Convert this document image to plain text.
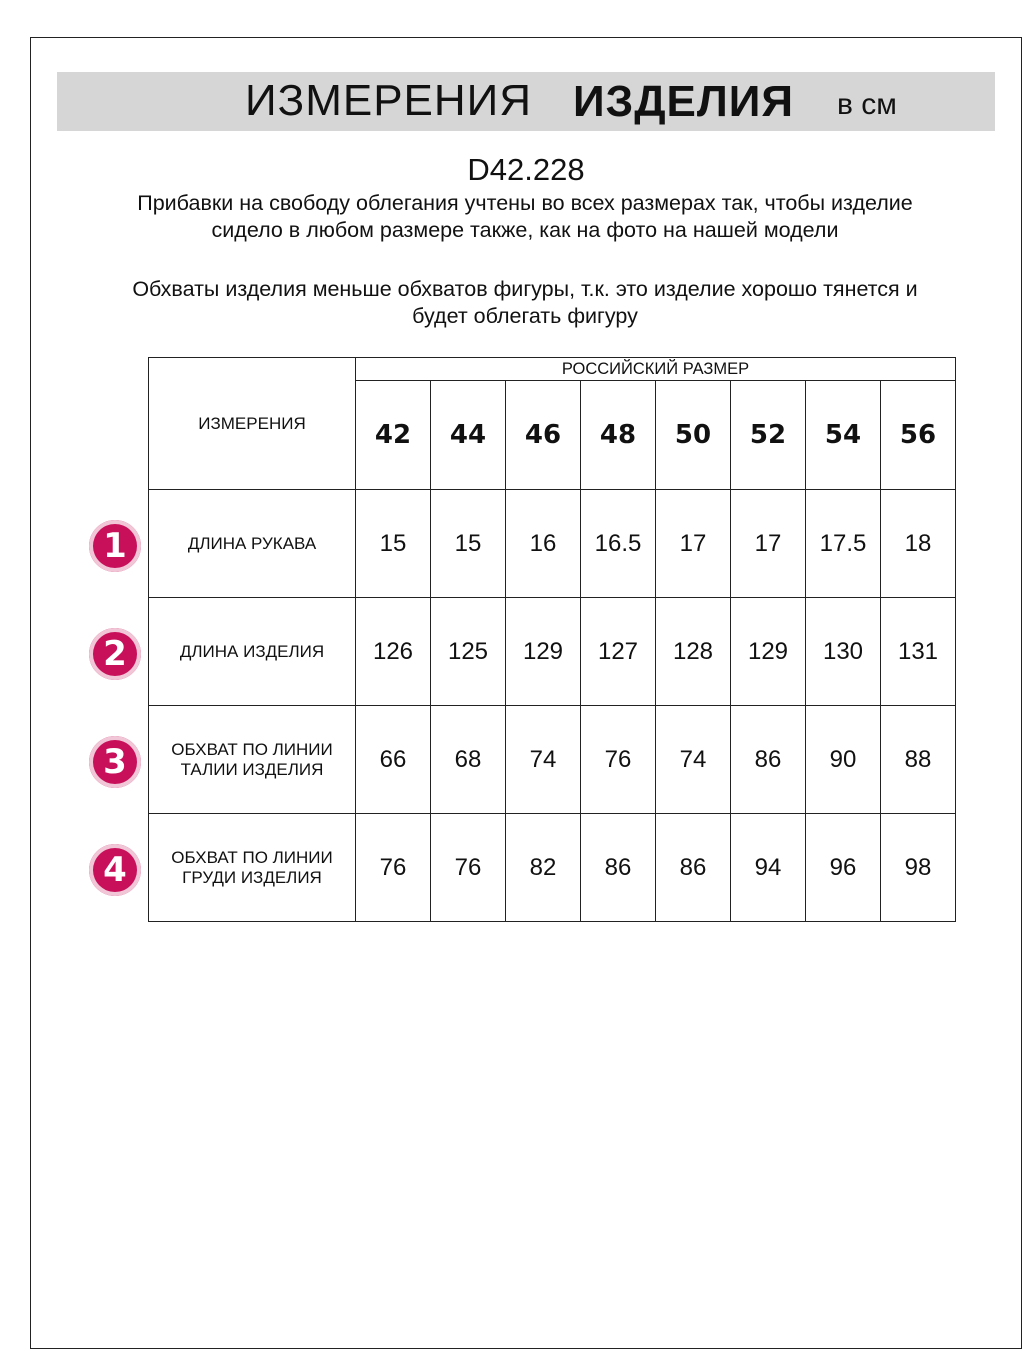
ИЗМЕРЕНИЯ ИЗДЕЛИЯ в см
D42.228
Прибавки на свободу облегания учтены во всех размерах так, чтобы изделие сидело в любом размере также, как на фото на нашей модели
Обхваты изделия меньше обхватов фигуры, т.к. это изделие хорошо тянется и будет облегать фигуру
ИЗМЕРЕНИЯ	РОССИЙСКИЙ РАЗМЕР							
	42	44	46	48	50	52	54	56
ДЛИНА РУКАВА	15	15	16	16.5	17	17	17.5	18
ДЛИНА ИЗДЕЛИЯ	126	125	129	127	128	129	130	131
ОБХВАТ ПО ЛИНИИ ТАЛИИ ИЗДЕЛИЯ	66	68	74	76	74	86	90	88
ОБХВАТ ПО ЛИНИИ ГРУДИ ИЗДЕЛИЯ	76	76	82	86	86	94	96	98
1
2
3
4
